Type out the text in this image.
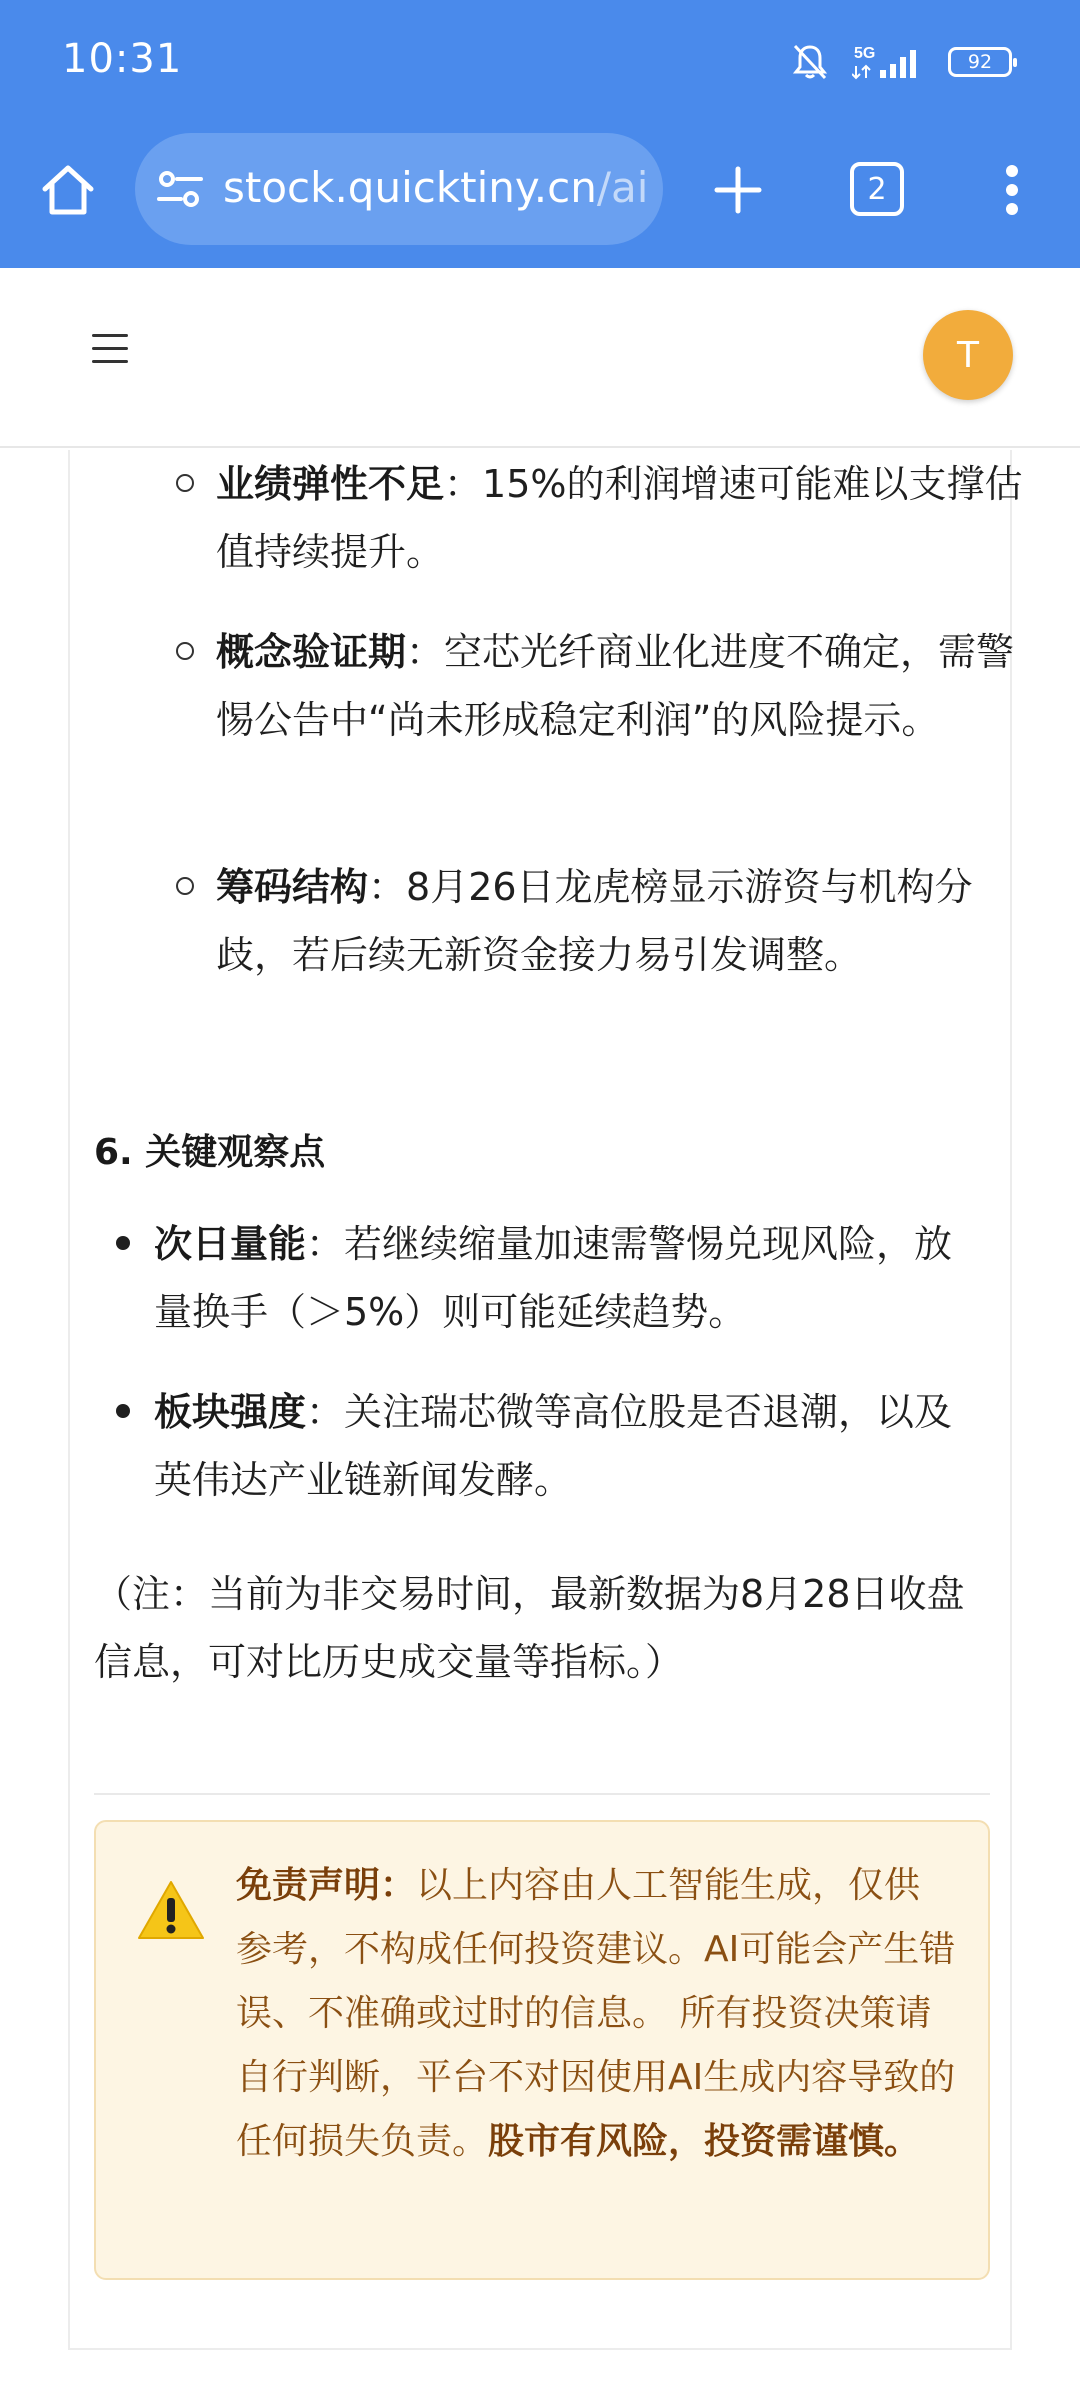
10:31	5G	92
stock.quicktiny.cn/ai	2
T
业绩弹性不足：15%的利润增速可能难以支撑估值持续提升。
概念验证期：空芯光纤商业化进度不确定，需警惕公告中“尚未形成稳定利润”的风险提示。
筹码结构：8月26日龙虎榜显示游资与机构分歧，若后续无新资金接力易引发调整。
6. 关键观察点
次日量能：若继续缩量加速需警惕兑现风险，放量换手（＞5%）则可能延续趋势。
板块强度：关注瑞芯微等高位股是否退潮，以及英伟达产业链新闻发酵。
（注：当前为非交易时间，最新数据为8月28日收盘信息，可对比历史成交量等指标。）
免责声明：以上内容由人工智能生成，仅供参考，不构成任何投资建议。AI可能会产生错误、不准确或过时的信息。 所有投资决策请自行判断，平台不对因使用AI生成内容导致的任何损失负责。股市有风险，投资需谨慎。
